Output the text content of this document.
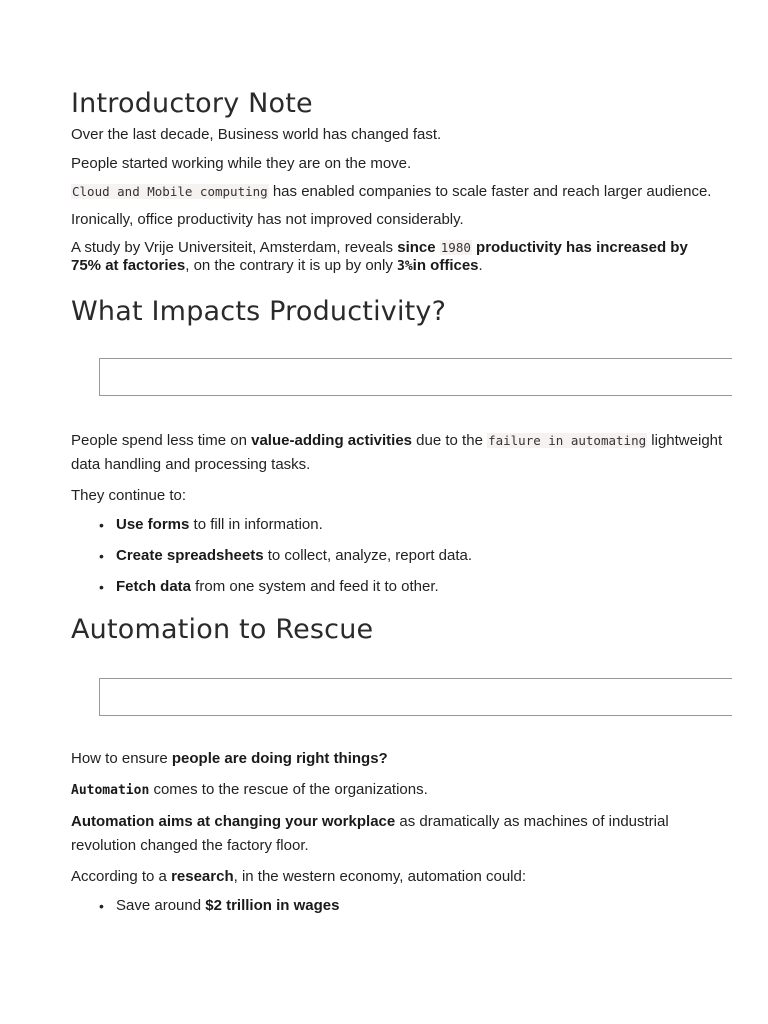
Introductory Note

Over the last decade, Business world has changed fast.

People started working while they are on the move.

Cloud and Mobile computing has enabled companies to scale faster and reach larger audience.

Ironically, office productivity has not improved considerably.

A study by Vrije Universiteit, Amsterdam, reveals since 1980 productivity has increased by
75% at factories, on the contrary it is up by only 3%in offices.

What Impacts Productivity?

People spend less time on value-adding activities due to the failure in automating lightweight data handling and processing tasks.

They continue to:

• Use forms to fill in information.
• Create spreadsheets to collect, analyze, report data.
• Fetch data from one system and feed it to other.
Automation to Rescue

How to ensure people are doing right things?

Automation comes to the rescue of the organizations.

Automation aims at changing your workplace as dramatically as machines of industrial revolution changed the factory floor.

According to a research, in the western economy, automation could:

• Save around $2 trillion in wages
